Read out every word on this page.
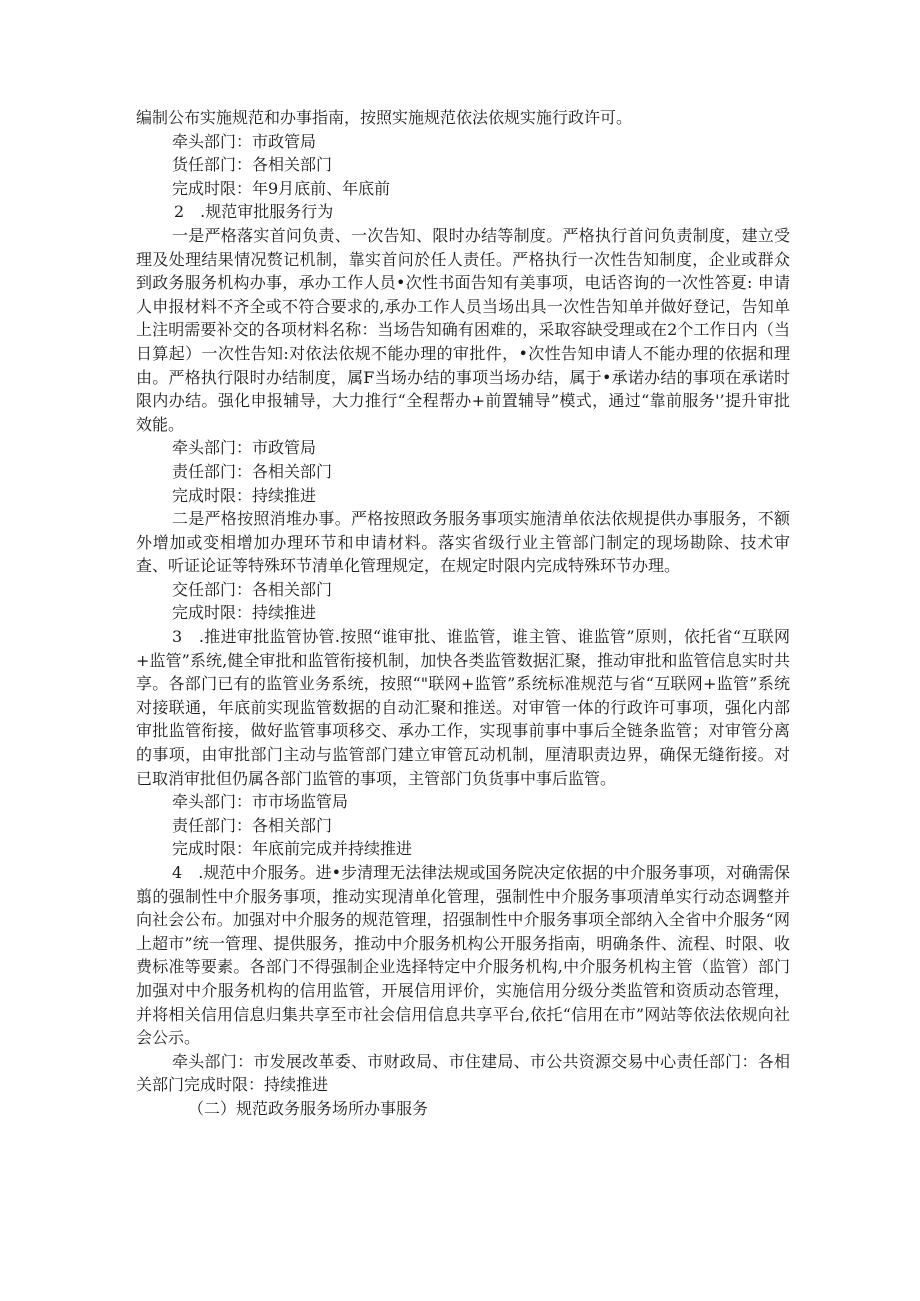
编制公布实施规范和办事指南，按照实施规范依法依规实施行政许可。

牵头部门：市政管局

货任部门：各相关部门

完成时限：年9月底前、年底前

2　.规范审批服务行为

一是严格落实首问负责、一次告知、限时办结等制度。严格执行首问负责制度，建立受理及处理结果情况赘记机制，靠实首问於任人责任。严格执行一次性告知制度，企业或群众到政务服务机构办事，承办工作人员•次性书面告知有美事项，电话咨询的一次性答夏: 申请人申报材料不齐全或不符合要求的,承办工作人员当场出具一次性告知单并做好登记，告知单上注明需要补交的各项材料名称：当场告知确有困难的，采取容缺受理或在2个工作日内（当日算起）一次性告知:对依法依规不能办理的审批件，•次性告知申请人不能办理的依据和理由。严格执行限时办结制度，属F当场办结的事项当场办结，属于•承诺办结的事项在承诺时限内办结。强化申报辅导，大力推行“全程帮办+前置辅导”模式，通过“靠前服务'’提升审批效能。

牵头部门：市政管局

责任部门：各相关部门

完成时限：持续推进

二是严格按照消堆办事。严格按照政务服务事项实施清单依法依规提供办事服务，不额外增加或变相增加办理环节和申请材料。落实省级行业主管部门制定的现场勘除、技术审查、听证论证等特殊环节清单化管理规定，在规定时限内完成特殊环节办理。

交任部门：各相关部门

完成时限：持续推进

3　.推进审批监管协管.按照“谁审批、谁监管，谁主管、谁监管”原则，依托省“互联网+监管”系统,健全审批和监管衔接机制，加快各类监管数据汇聚，推动审批和监管信息实时共享。各部门已有的监管业务系统，按照“"联网+监管”系统标准规范与省“互联网+监管”系统对接联通，年底前实现监管数据的自动汇聚和推送。对审管一体的行政许可事项，强化内部审批监管衔接，做好监管事项移交、承办工作，实现事前事中事后全链条监管；对审管分离的事项，由审批部门主动与监管部门建立审管瓦动机制，厘清职责边界，确保无缝衔接。对已取消审批但仍属各部门监管的事项，主管部门负货事中事后监管。

牵头部门：市市场监管局

责任部门：各相关部门

完成时限：年底前完成并持续推进

4　.规范中介服务。进•步清理无法律法规或国务院决定依据的中介服务事项，对确需保翦的强制性中介服务事项，推动实现清单化管理，强制性中介服务事项清单实行动态调整并向社会公布。加强对中介服务的规范管理，招强制性中介服务事项全部纳入全省中介服务“网上超市”统一管理、提供服务，推动中介服务机构公开服务指南，明确条件、流程、时限、收费标准等要素。各部门不得强制企业选择特定中介服务机构,中介服务机构主管（监管）部门加强对中介服务机构的信用监管，开展信用评价，实施信用分级分类监管和资质动态管理，并将相关信用信息归集共享至市社会信用信息共享平台,依托“信用在市”网站等依法依规向社会公示。

牵头部门：市发展改革委、市财政局、市住建局、市公共资源交易中心责任部门：各相关部门完成时限：持续推进

（二）规范政务服务场所办事服务
